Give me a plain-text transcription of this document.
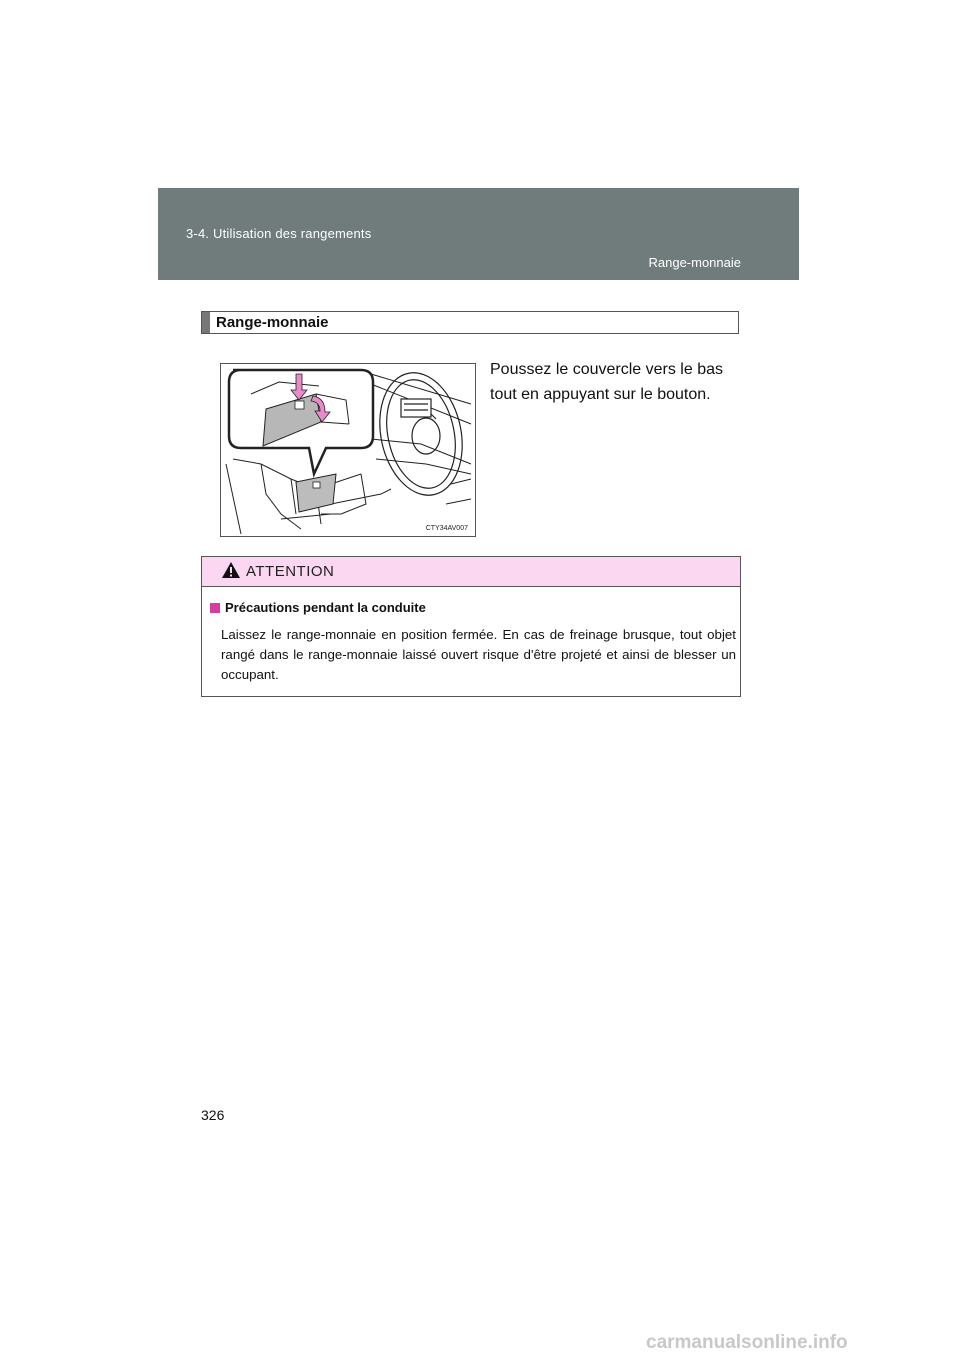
3-4. Utilisation des rangements
Range-monnaie
Range-monnaie
CTY34AV007
Poussez le couvercle vers le bas tout en appuyant sur le bouton.
ATTENTION
Précautions pendant la conduite
Laissez le range-monnaie en position fermée. En cas de freinage brusque, tout objet rangé dans le range-monnaie laissé ouvert risque d'être projeté et ainsi de blesser un occupant.
326
carmanualsonline.info
